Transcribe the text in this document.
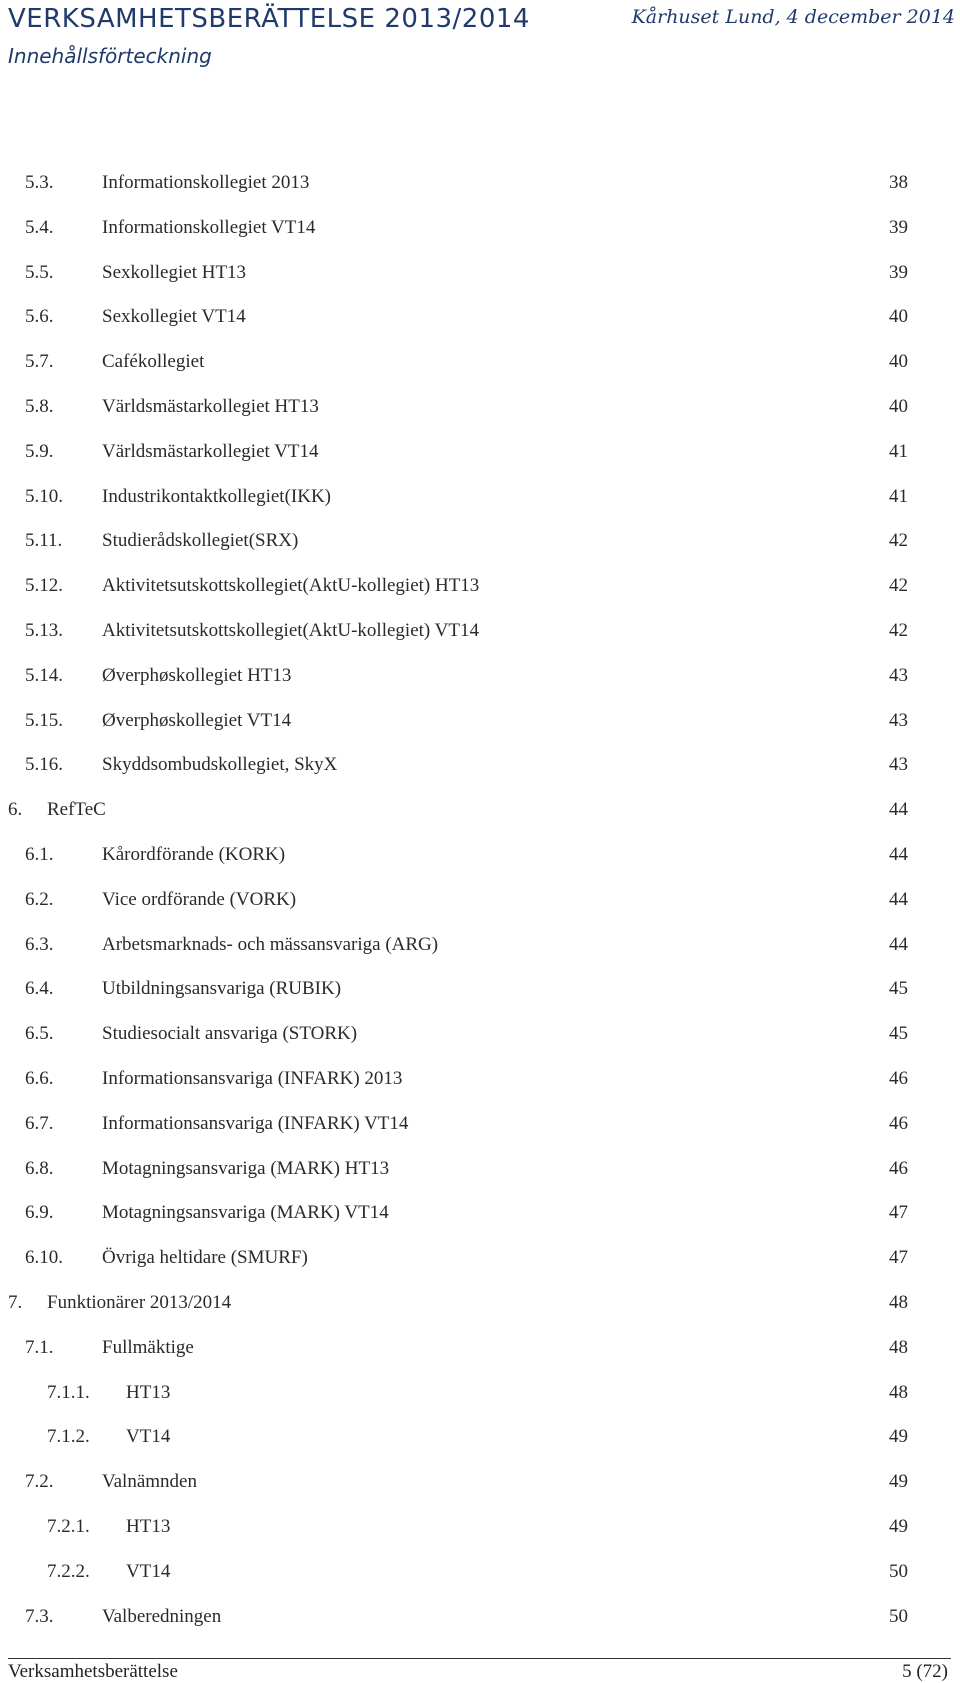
VERKSAMHETSBERÄTTELSE 2013/2014	Kårhuset Lund, 4 december 2014
Innehållsförteckning
5.3.	Informationskollegiet 2013	38
5.4.	Informationskollegiet VT14	39
5.5.	Sexkollegiet HT13	39
5.6.	Sexkollegiet VT14	40
5.7.	Cafékollegiet	40
5.8.	Världsmästarkollegiet HT13	40
5.9.	Världsmästarkollegiet VT14	41
5.10. Industrikontaktkollegiet(IKK)	41
5.11. Studierådskollegiet(SRX)	42
5.12. Aktivitetsutskottskollegiet(AktU-kollegiet) HT13	42
5.13. Aktivitetsutskottskollegiet(AktU-kollegiet) VT14	42
5.14. Øverphøskollegiet HT13	43
5.15. Øverphøskollegiet VT14	43
5.16. Skyddsombudskollegiet, SkyX	43
6. RefTeC	44
6.1.	Kårordförande (KORK)	44
6.2.	Vice ordförande (VORK)	44
6.3.	Arbetsmarknads- och mässansvariga (ARG)	44
6.4.	Utbildningsansvariga (RUBIK)	45
6.5.	Studiesocialt ansvariga (STORK)	45
6.6.	Informationsansvariga (INFARK) 2013	46
6.7.	Informationsansvariga (INFARK) VT14	46
6.8.	Motagningsansvariga (MARK) HT13	46
6.9.	Motagningsansvariga (MARK) VT14	47
6.10. Övriga heltidare (SMURF)	47
7. Funktionärer 2013/2014	48
7.1.	Fullmäktige	48
7.1.1. HT13	48
7.1.2. VT14	49
7.2.	Valnämnden	49
7.2.1. HT13	49
7.2.2. VT14	50
7.3.	Valberedningen	50
Verksamhetsberättelse	5 (72)
